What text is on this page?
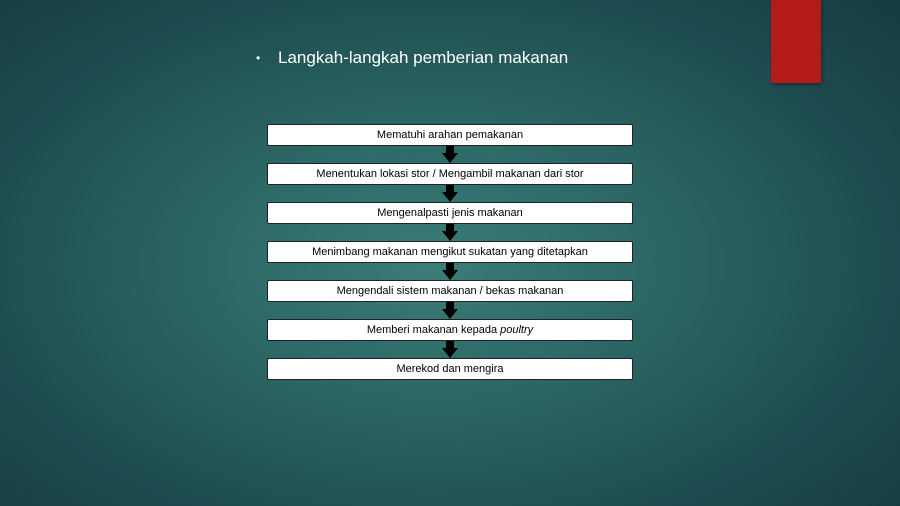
•	Langkah-langkah pemberian makanan
Mematuhi arahan pemakanan
Menentukan lokasi stor / Mengambil makanan dari stor
Mengenalpasti jenis makanan
Menimbang makanan mengikut sukatan yang ditetapkan
Mengendali sistem makanan / bekas makanan
Memberi makanan kepada poultry
Merekod dan mengira
